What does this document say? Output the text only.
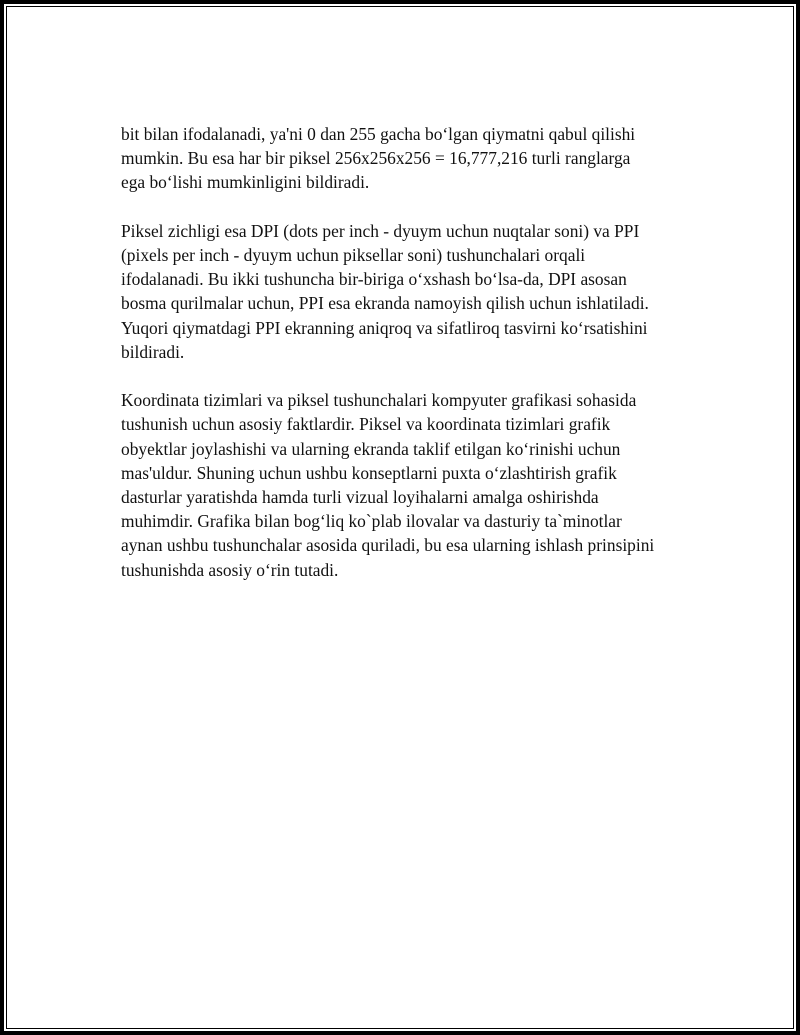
bit bilan ifodalanadi, ya'ni 0 dan 255 gacha bo‘lgan qiymatni qabul qilishi
mumkin. Bu esa har bir piksel 256x256x256 = 16,777,216 turli ranglarga
ega bo‘lishi mumkinligini bildiradi.

Piksel zichligi esa DPI (dots per inch - dyuym uchun nuqtalar soni) va PPI
(pixels per inch - dyuym uchun piksellar soni) tushunchalari orqali
ifodalanadi. Bu ikki tushuncha bir-biriga o‘xshash bo‘lsa-da, DPI asosan
bosma qurilmalar uchun, PPI esa ekranda namoyish qilish uchun ishlatiladi.
Yuqori qiymatdagi PPI ekranning aniqroq va sifatliroq tasvirni ko‘rsatishini
bildiradi.

Koordinata tizimlari va piksel tushunchalari kompyuter grafikasi sohasida
tushunish uchun asosiy faktlardir. Piksel va koordinata tizimlari grafik
obyektlar joylashishi va ularning ekranda taklif etilgan ko‘rinishi uchun
mas'uldur. Shuning uchun ushbu konseptlarni puxta o‘zlashtirish grafik
dasturlar yaratishda hamda turli vizual loyihalarni amalga oshirishda
muhimdir. Grafika bilan bog‘liq ko`plab ilovalar va dasturiy ta`minotlar
aynan ushbu tushunchalar asosida quriladi, bu esa ularning ishlash prinsipini
tushunishda asosiy o‘rin tutadi.
